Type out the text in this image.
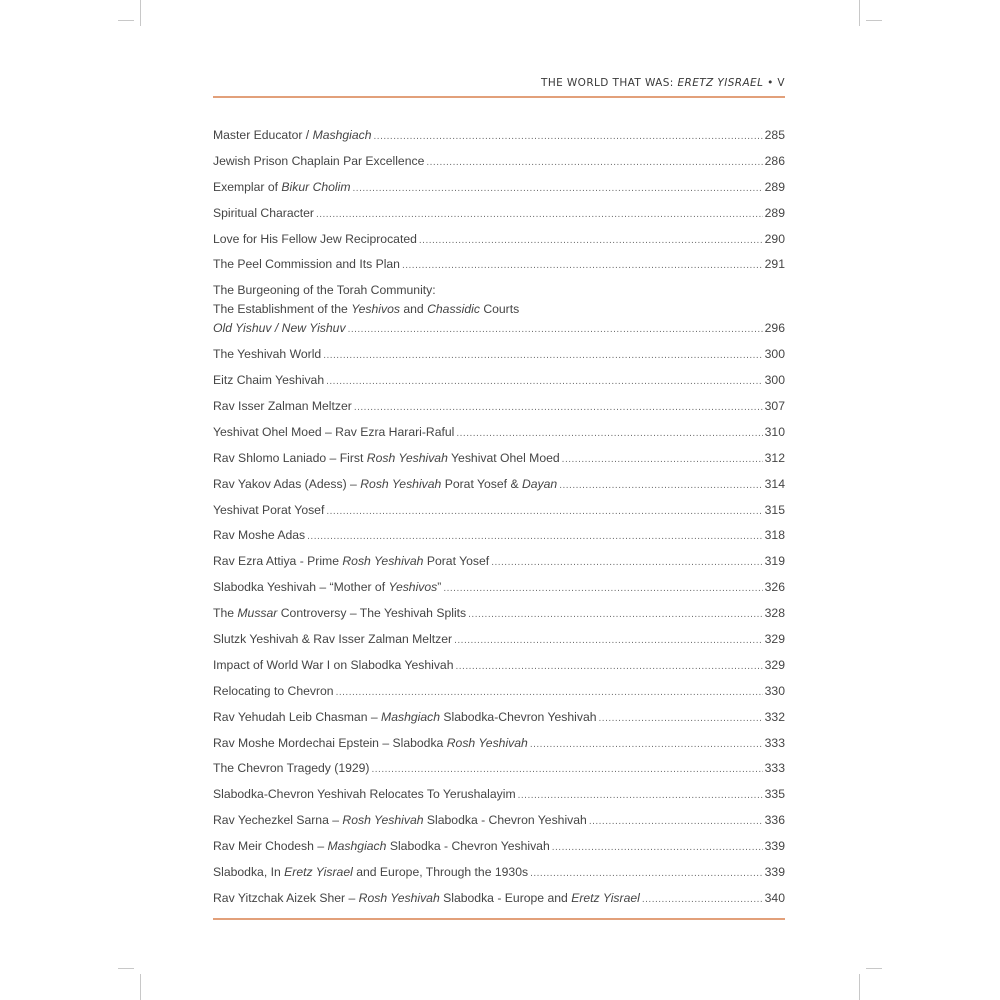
THE WORLD THAT WAS: ERETZ YISRAEL • V
Master Educator / Mashgiach .....	285
Jewish Prison Chaplain Par Excellence .....	286
Exemplar of Bikur Cholim .....	289
Spiritual Character .....	289
Love for His Fellow Jew Reciprocated .....	290
The Peel Commission and Its Plan .....	291
The Burgeoning of the Torah Community:
The Establishment of the Yeshivos and Chassidic Courts
Old Yishuv / New Yishuv .....	296
The Yeshivah World .....	300
Eitz Chaim Yeshivah .....	300
Rav Isser Zalman Meltzer .....	307
Yeshivat Ohel Moed – Rav Ezra Harari-Raful .....	310
Rav Shlomo Laniado – First Rosh Yeshivah Yeshivat Ohel Moed .....	312
Rav Yakov Adas (Adess) – Rosh Yeshivah Porat Yosef & Dayan .....	314
Yeshivat Porat Yosef .....	315
Rav Moshe Adas .....	318
Rav Ezra Attiya - Prime Rosh Yeshivah Porat Yosef .....	319
Slabodka Yeshivah – “Mother of Yeshivos” .....	326
The Mussar Controversy – The Yeshivah Splits .....	328
Slutzk Yeshivah & Rav Isser Zalman Meltzer .....	329
Impact of World War I on Slabodka Yeshivah .....	329
Relocating to Chevron .....	330
Rav Yehudah Leib Chasman – Mashgiach Slabodka-Chevron Yeshivah .....	332
Rav Moshe Mordechai Epstein – Slabodka Rosh Yeshivah .....	333
The Chevron Tragedy (1929) .....	333
Slabodka-Chevron Yeshivah Relocates To Yerushalayim .....	335
Rav Yechezkel Sarna – Rosh Yeshivah Slabodka - Chevron Yeshivah .....	336
Rav Meir Chodesh – Mashgiach Slabodka - Chevron Yeshivah .....	339
Slabodka, In Eretz Yisrael and Europe, Through the 1930s .....	339
Rav Yitzchak Aizek Sher – Rosh Yeshivah Slabodka - Europe and Eretz Yisrael .....	340
